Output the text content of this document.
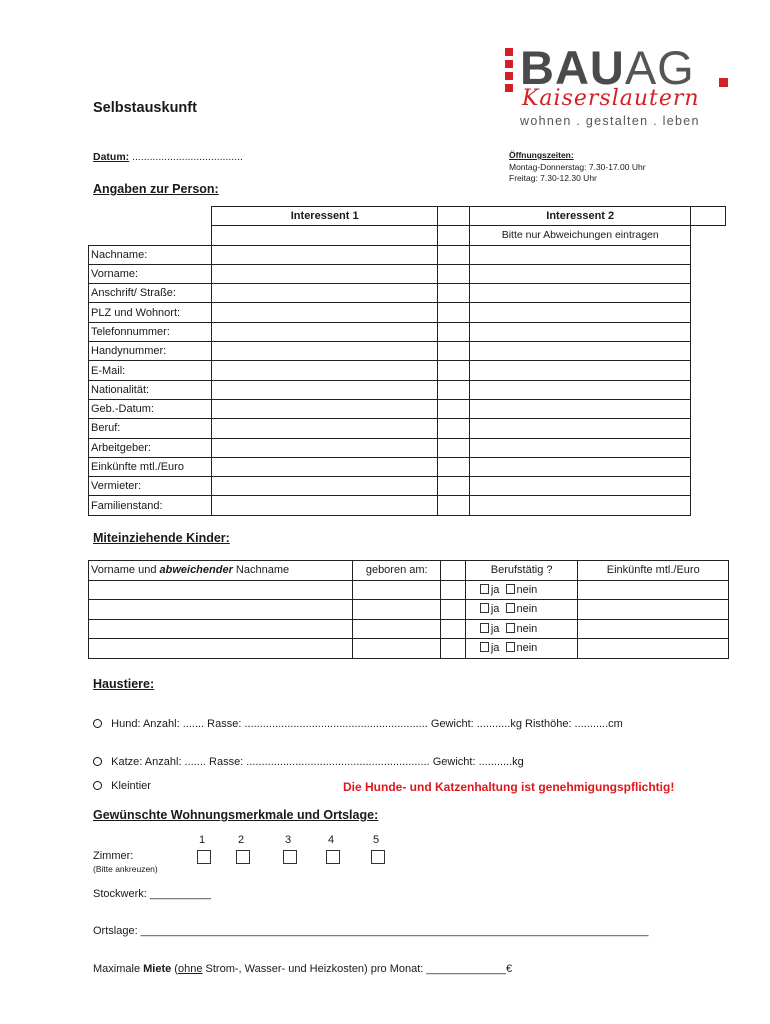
BAUAG
Kaiserslautern
wohnen . gestalten . leben
Selbstauskunft
Datum: ......................................	Öffnungszeiten:
Montag-Donnerstag: 7.30-17.00 Uhr
Freitag: 7.30-12.30 Uhr
Angaben zur Person:
	Interessent 1		Interessent 2	
			Bitte nur Abweichungen eintragen	
Nachname:				
Vorname:				
Anschrift/ Straße:				
PLZ und Wohnort:				
Telefonnummer:				
Handynummer:				
E-Mail:				
Nationalität:				
Geb.-Datum:				
Beruf:				
Arbeitgeber:				
Einkünfte mtl./Euro				
Vermieter:				
Familienstand:				
Miteinziehende Kinder:
Vorname und abweichender Nachname	geboren am:		Berufstätig ?	Einkünfte mtl./Euro
			ja nein	
			ja nein	
			ja nein	
			ja nein	
Haustiere:
Hund: Anzahl: ....... Rasse: ............................................................ Gewicht: ...........kg Risthöhe: ...........cm
Katze: Anzahl: ....... Rasse: ............................................................ Gewicht: ...........kg
Kleintier	Die Hunde- und Katzenhaltung ist genehmigungspflichtig!
Gewünschte Wohnungsmerkmale und Ortslage:
1	2	3	4	5
Zimmer:
(Bitte ankreuzen)
Stockwerk: __________
Ortslage: ___________________________________________________________________________________
Maximale Miete (ohne Strom-, Wasser- und Heizkosten) pro Monat: _____________€
